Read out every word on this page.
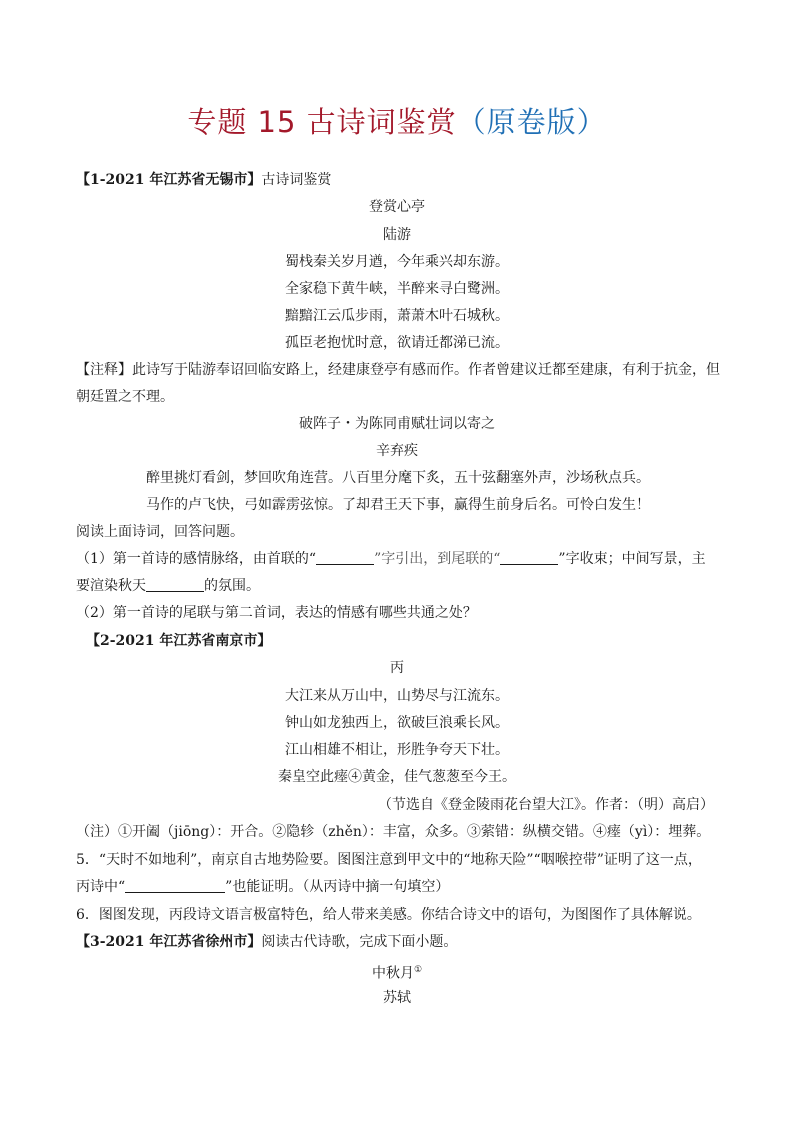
专题 15 古诗词鉴赏（原卷版）
【1-2021 年江苏省无锡市】古诗词鉴赏
登赏心亭
陆游
蜀栈秦关岁月遒，今年乘兴却东游。
全家稳下黄牛峡，半醉来寻白鹭洲。
黯黯江云瓜步雨，萧萧木叶石城秋。
孤臣老抱忧时意，欲请迁都涕已流。
【注释】此诗写于陆游奉诏回临安路上，经建康登亭有感而作。作者曾建议迁都至建康，有利于抗金，但
朝廷置之不理。
破阵子・为陈同甫赋壮词以寄之
辛弃疾
醉里挑灯看剑，梦回吹角连营。八百里分麾下炙，五十弦翻塞外声，沙场秋点兵。
马作的卢飞快，弓如霹雳弦惊。了却君王天下事，赢得生前身后名。可怜白发生！
阅读上面诗词，回答问题。
（1）第一首诗的感情脉络，由首联的“	”字引出，到尾联的“	”字收束；中间写景，主
要渲染秋天	的氛围。
（2）第一首诗的尾联与第二首词，表达的情感有哪些共通之处？
【2-2021 年江苏省南京市】
丙
大江来从万山中，山势尽与江流东。
钟山如龙独西上，欲破巨浪乘长风。
江山相雄不相让，形胜争夸天下壮。
秦皇空此瘗④黄金，佳气葱葱至今王。
（节选自《登金陵雨花台望大江》。作者：（明）高启）
（注）①开阖（jiōng）：开合。②隐轸（zhěn）：丰富，众多。③萦错：纵横交错。④瘗（yì）：埋葬。
5．“天时不如地利”，南京自古地势险要。图图注意到甲文中的“地称天险”“咽喉控带”证明了这一点，
丙诗中“	”也能证明。（从丙诗中摘一句填空）
6．图图发现，丙段诗文语言极富特色，给人带来美感。你结合诗文中的语句，为图图作了具体解说。
【3-2021 年江苏省徐州市】阅读古代诗歌，完成下面小题。
中秋月①
苏轼
